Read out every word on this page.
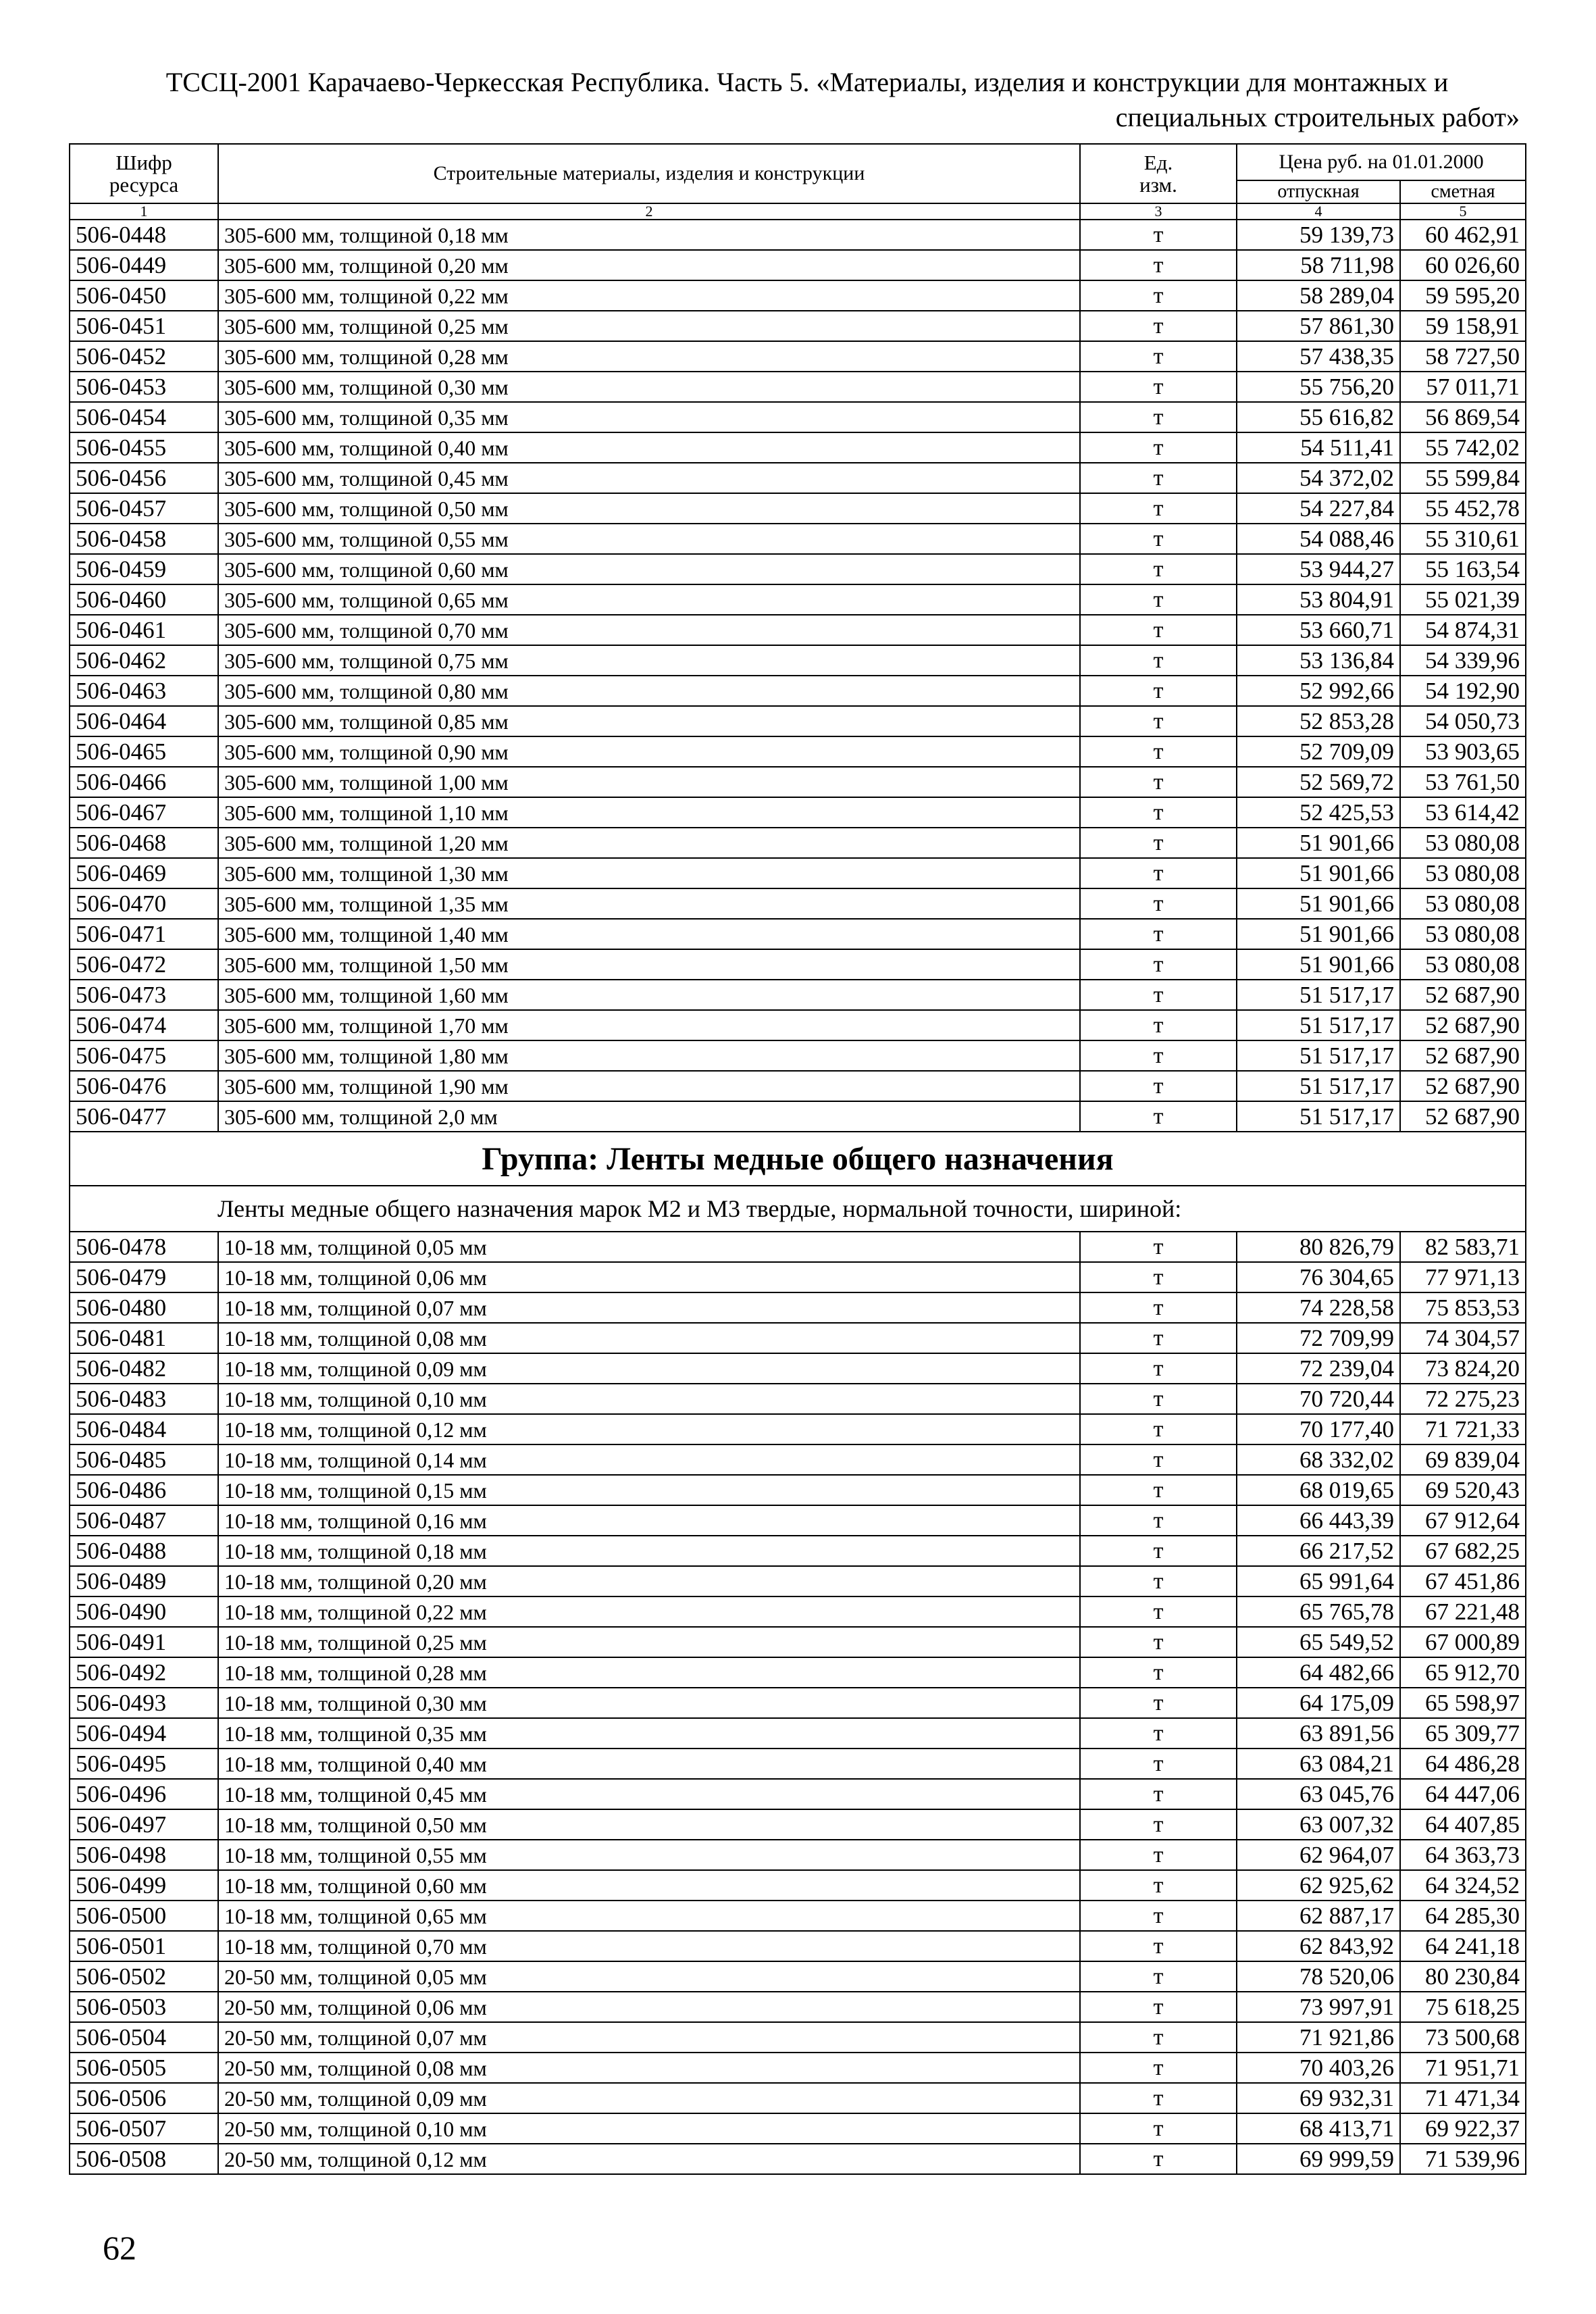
ТССЦ-2001 Карачаево-Черкесская Республика. Часть 5. «Материалы, изделия и конструкции для монтажных и
специальных строительных работ»
Шифр ресурса	Строительные материалы, изделия и конструкции	Ед. изм.	Цена руб. на 01.01.2000	
			отпускная	сметная
1	2	3	4	5
506-0448	305-600 мм, толщиной 0,18 мм	т	59 139,73	60 462,91
506-0449	305-600 мм, толщиной 0,20 мм	т	58 711,98	60 026,60
506-0450	305-600 мм, толщиной 0,22 мм	т	58 289,04	59 595,20
506-0451	305-600 мм, толщиной 0,25 мм	т	57 861,30	59 158,91
506-0452	305-600 мм, толщиной 0,28 мм	т	57 438,35	58 727,50
506-0453	305-600 мм, толщиной 0,30 мм	т	55 756,20	57 011,71
506-0454	305-600 мм, толщиной 0,35 мм	т	55 616,82	56 869,54
506-0455	305-600 мм, толщиной 0,40 мм	т	54 511,41	55 742,02
506-0456	305-600 мм, толщиной 0,45 мм	т	54 372,02	55 599,84
506-0457	305-600 мм, толщиной 0,50 мм	т	54 227,84	55 452,78
506-0458	305-600 мм, толщиной 0,55 мм	т	54 088,46	55 310,61
506-0459	305-600 мм, толщиной 0,60 мм	т	53 944,27	55 163,54
506-0460	305-600 мм, толщиной 0,65 мм	т	53 804,91	55 021,39
506-0461	305-600 мм, толщиной 0,70 мм	т	53 660,71	54 874,31
506-0462	305-600 мм, толщиной 0,75 мм	т	53 136,84	54 339,96
506-0463	305-600 мм, толщиной 0,80 мм	т	52 992,66	54 192,90
506-0464	305-600 мм, толщиной 0,85 мм	т	52 853,28	54 050,73
506-0465	305-600 мм, толщиной 0,90 мм	т	52 709,09	53 903,65
506-0466	305-600 мм, толщиной 1,00 мм	т	52 569,72	53 761,50
506-0467	305-600 мм, толщиной 1,10 мм	т	52 425,53	53 614,42
506-0468	305-600 мм, толщиной 1,20 мм	т	51 901,66	53 080,08
506-0469	305-600 мм, толщиной 1,30 мм	т	51 901,66	53 080,08
506-0470	305-600 мм, толщиной 1,35 мм	т	51 901,66	53 080,08
506-0471	305-600 мм, толщиной 1,40 мм	т	51 901,66	53 080,08
506-0472	305-600 мм, толщиной 1,50 мм	т	51 901,66	53 080,08
506-0473	305-600 мм, толщиной 1,60 мм	т	51 517,17	52 687,90
506-0474	305-600 мм, толщиной 1,70 мм	т	51 517,17	52 687,90
506-0475	305-600 мм, толщиной 1,80 мм	т	51 517,17	52 687,90
506-0476	305-600 мм, толщиной 1,90 мм	т	51 517,17	52 687,90
506-0477	305-600 мм, толщиной 2,0 мм	т	51 517,17	52 687,90
Группа: Ленты медные общего назначения				
Ленты медные общего назначения марок М2 и М3 твердые, нормальной точности, шириной:				
506-0478	10-18 мм, толщиной 0,05 мм	т	80 826,79	82 583,71
506-0479	10-18 мм, толщиной 0,06 мм	т	76 304,65	77 971,13
506-0480	10-18 мм, толщиной 0,07 мм	т	74 228,58	75 853,53
506-0481	10-18 мм, толщиной 0,08 мм	т	72 709,99	74 304,57
506-0482	10-18 мм, толщиной 0,09 мм	т	72 239,04	73 824,20
506-0483	10-18 мм, толщиной 0,10 мм	т	70 720,44	72 275,23
506-0484	10-18 мм, толщиной 0,12 мм	т	70 177,40	71 721,33
506-0485	10-18 мм, толщиной 0,14 мм	т	68 332,02	69 839,04
506-0486	10-18 мм, толщиной 0,15 мм	т	68 019,65	69 520,43
506-0487	10-18 мм, толщиной 0,16 мм	т	66 443,39	67 912,64
506-0488	10-18 мм, толщиной 0,18 мм	т	66 217,52	67 682,25
506-0489	10-18 мм, толщиной 0,20 мм	т	65 991,64	67 451,86
506-0490	10-18 мм, толщиной 0,22 мм	т	65 765,78	67 221,48
506-0491	10-18 мм, толщиной 0,25 мм	т	65 549,52	67 000,89
506-0492	10-18 мм, толщиной 0,28 мм	т	64 482,66	65 912,70
506-0493	10-18 мм, толщиной 0,30 мм	т	64 175,09	65 598,97
506-0494	10-18 мм, толщиной 0,35 мм	т	63 891,56	65 309,77
506-0495	10-18 мм, толщиной 0,40 мм	т	63 084,21	64 486,28
506-0496	10-18 мм, толщиной 0,45 мм	т	63 045,76	64 447,06
506-0497	10-18 мм, толщиной 0,50 мм	т	63 007,32	64 407,85
506-0498	10-18 мм, толщиной 0,55 мм	т	62 964,07	64 363,73
506-0499	10-18 мм, толщиной 0,60 мм	т	62 925,62	64 324,52
506-0500	10-18 мм, толщиной 0,65 мм	т	62 887,17	64 285,30
506-0501	10-18 мм, толщиной 0,70 мм	т	62 843,92	64 241,18
506-0502	20-50 мм, толщиной 0,05 мм	т	78 520,06	80 230,84
506-0503	20-50 мм, толщиной 0,06 мм	т	73 997,91	75 618,25
506-0504	20-50 мм, толщиной 0,07 мм	т	71 921,86	73 500,68
506-0505	20-50 мм, толщиной 0,08 мм	т	70 403,26	71 951,71
506-0506	20-50 мм, толщиной 0,09 мм	т	69 932,31	71 471,34
506-0507	20-50 мм, толщиной 0,10 мм	т	68 413,71	69 922,37
506-0508	20-50 мм, толщиной 0,12 мм	т	69 999,59	71 539,96
62
